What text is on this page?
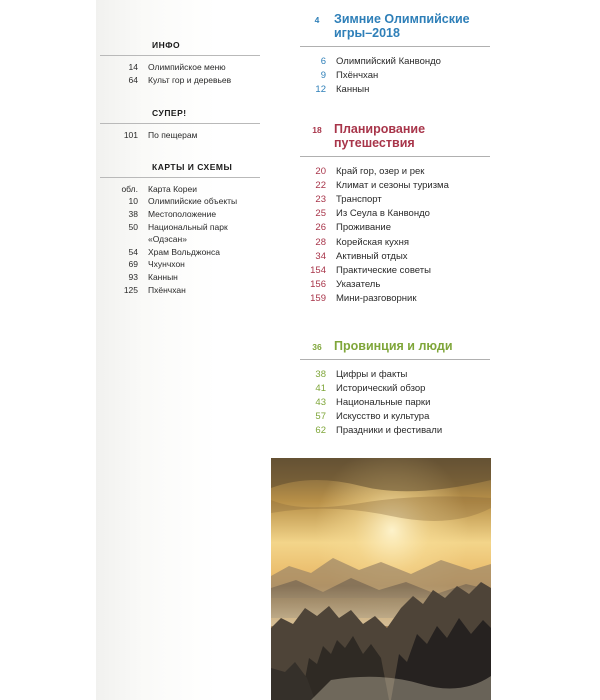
ИНФО
14	Олимпийское меню
64	Культ гор и деревьев
СУПЕР!
101	По пещерам
КАРТЫ И СХЕМЫ
обл.	Карта Кореи
10	Олимпийские объекты
38	Местоположение
50	Национальный парк
«Одэсан»
54	Храм Вольджонса
69	Чхунчхон
93	Каннын
125	Пхёнчхан
4	Зимние Олимпийские
игры–2018
6	Олимпийский Канвондо
9	Пхёнчхан
12	Каннын
18 Планирование
путешествия
20	Край гор, озер и рек
22	Климат и сезоны туризма
23	Транспорт
25	Из Сеула в Канвондо
26	Проживание
28	Корейская кухня
34	Активный отдых
154	Практические советы
156	Указатель
159	Мини-разговорник
36 Провинция и люди
38	Цифры и факты
41	Исторический обзор
43	Национальные парки
57	Искусство и культура
62	Праздники и фестивали
